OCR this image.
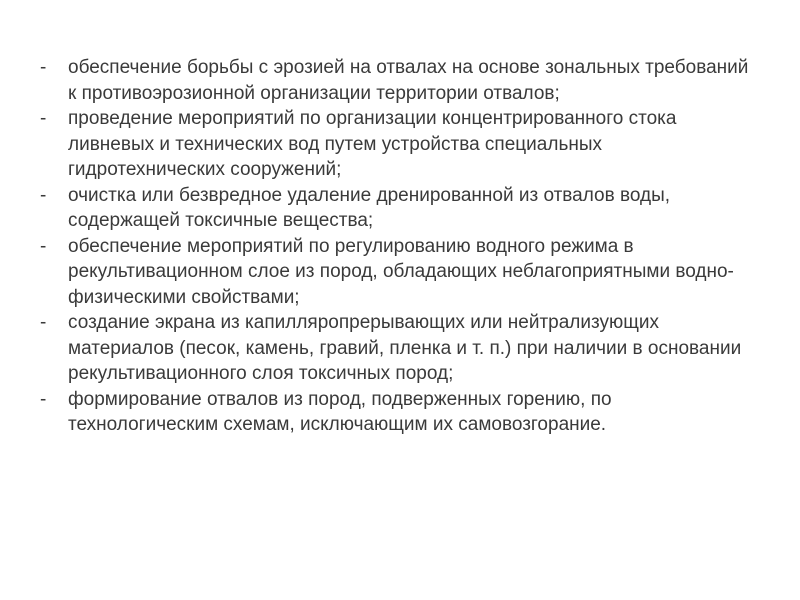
-	обеспечение борьбы с эрозией на отвалах на основе зональных требований к противоэрозионной организации территории отвалов;
-	проведение мероприятий по организации концентрированного стока ливневых и технических вод путем устройства специальных гидротехнических сооружений;
-	очистка или безвредное удаление дренированной из отвалов воды, содержащей токсичные вещества;
-	обеспечение мероприятий по регулированию водного режима в рекультивационном слое из пород, обладающих неблагоприятными водно-физическими свойствами;
-	создание экрана из капилляропрерывающих или нейтрализующих материалов (песок, камень, гравий, пленка и т. п.) при наличии в основании рекультивационного слоя токсичных пород;
-	формирование отвалов из пород, подверженных горению, по технологическим схемам, исключающим их самовозгорание.
